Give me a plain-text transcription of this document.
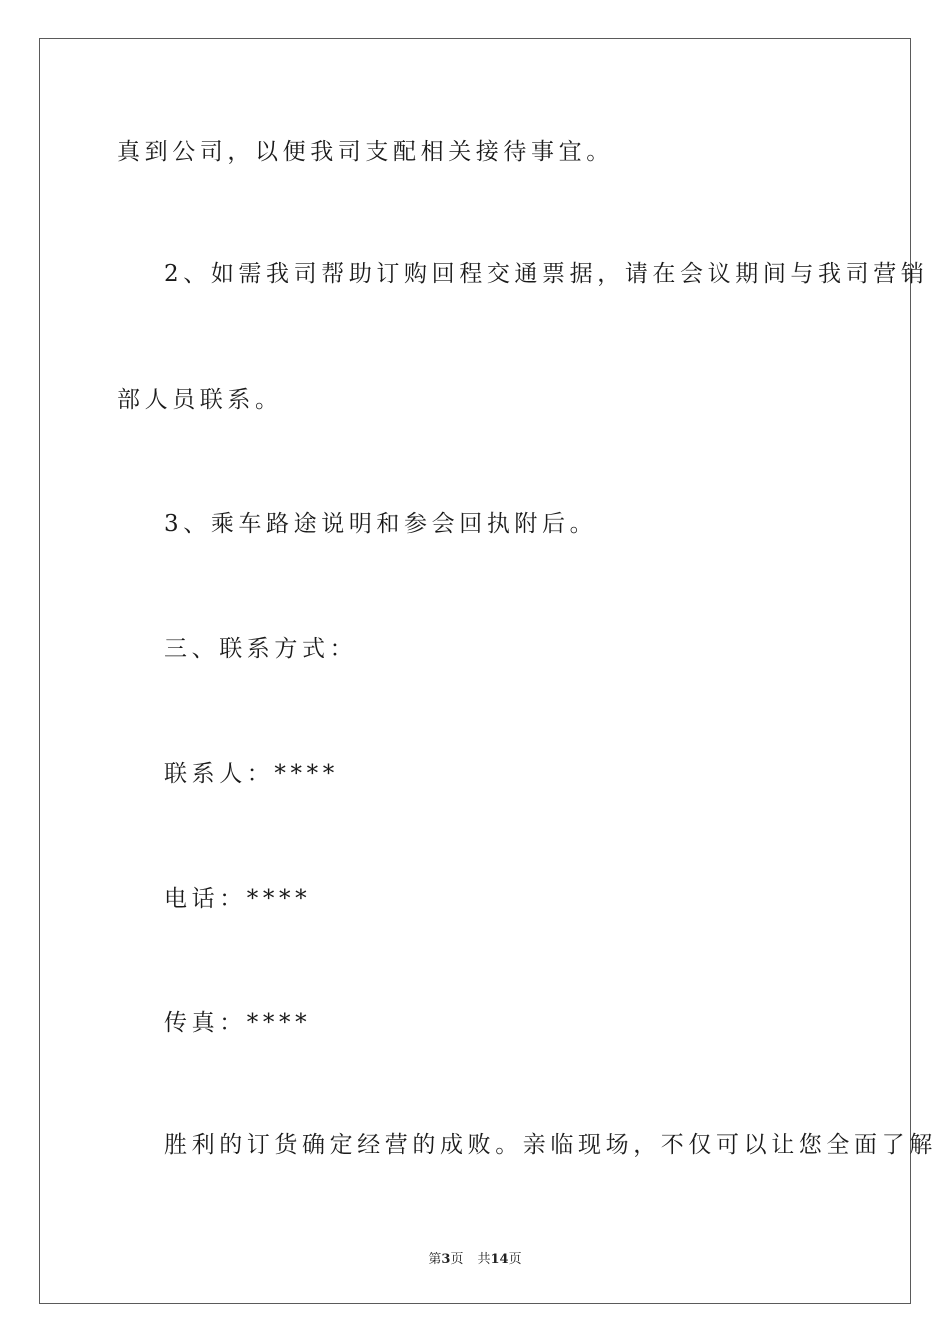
真到公司，以便我司支配相关接待事宜。
2、如需我司帮助订购回程交通票据，请在会议期间与我司营销
部人员联系。
3、乘车路途说明和参会回执附后。
三、联系方式：
联系人：****
电话：****
传真：****
胜利的订货确定经营的成败。亲临现场，不仅可以让您全面了解
第3页 共14页
